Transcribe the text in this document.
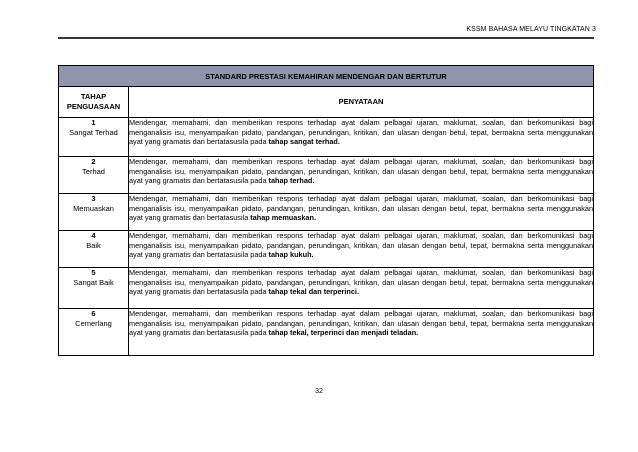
KSSM BAHASA MELAYU TINGKATAN 3
STANDARD PRESTASI KEMAHIRAN MENDENGAR DAN BERTUTUR	
TAHAP PENGUASAAN	PENYATAAN

1
Sangat Terhad	Mendengar, memahami, dan memberikan respons terhadap ayat dalam pelbagai ujaran, maklumat, soalan, dan berkomunikasi bagi menganalisis isu, menyampaikan pidato, pandangan, perundingan, kritikan, dan ulasan dengan betul, tepat, bermakna serta menggunakan ayat yang gramatis dan bertatasusila pada tahap sangat terhad.

2
Terhad	Mendengar, memahami, dan memberikan respons terhadap ayat dalam pelbagai ujaran, maklumat, soalan, dan berkomunikasi bagi menganalisis isu, menyampaikan pidato, pandangan, perundingan, kritikan, dan ulasan dengan betul, tepat, bermakna serta menggunakan ayat yang gramatis dan bertatasusila pada tahap terhad.

3
Memuaskan	Mendengar, memahami, dan memberikan respons terhadap ayat dalam pelbagai ujaran, maklumat, soalan, dan berkomunikasi bagi menganalisis isu, menyampaikan pidato, pandangan, perundingan, kritikan, dan ulasan dengan betul, tepat, bermakna serta menggunakan ayat yang gramatis dan bertatasusila tahap memuaskan.

4
Baik	Mendengar, memahami, dan memberikan respons terhadap ayat dalam pelbagai ujaran, maklumat, soalan, dan berkomunikasi bagi menganalisis isu, menyampaikan pidato, pandangan, perundingan, kritikan, dan ulasan dengan betul, tepat, bermakna serta menggunakan ayat yang gramatis dan bertatasusila pada tahap kukuh.

5
Sangat Baik	Mendengar, memahami, dan memberikan respons terhadap ayat dalam pelbagai ujaran, maklumat, soalan, dan berkomunikasi bagi menganalisis isu, menyampaikan pidato, pandangan, perundingan, kritikan, dan ulasan dengan betul, tepat, bermakna serta menggunakan ayat yang gramatis dan bertatasusila pada tahap tekal dan terperinci.

6
Cemerlang	Mendengar, memahami, dan memberikan respons terhadap ayat dalam pelbagai ujaran, maklumat, soalan, dan berkomunikasi bagi menganalisis isu, menyampaikan pidato, pandangan, perundingan, kritikan, dan ulasan dengan betul, tepat, bermakna serta menggunakan ayat yang gramatis dan bertatasusila pada tahap tekal, terperinci dan menjadi teladan.
32
